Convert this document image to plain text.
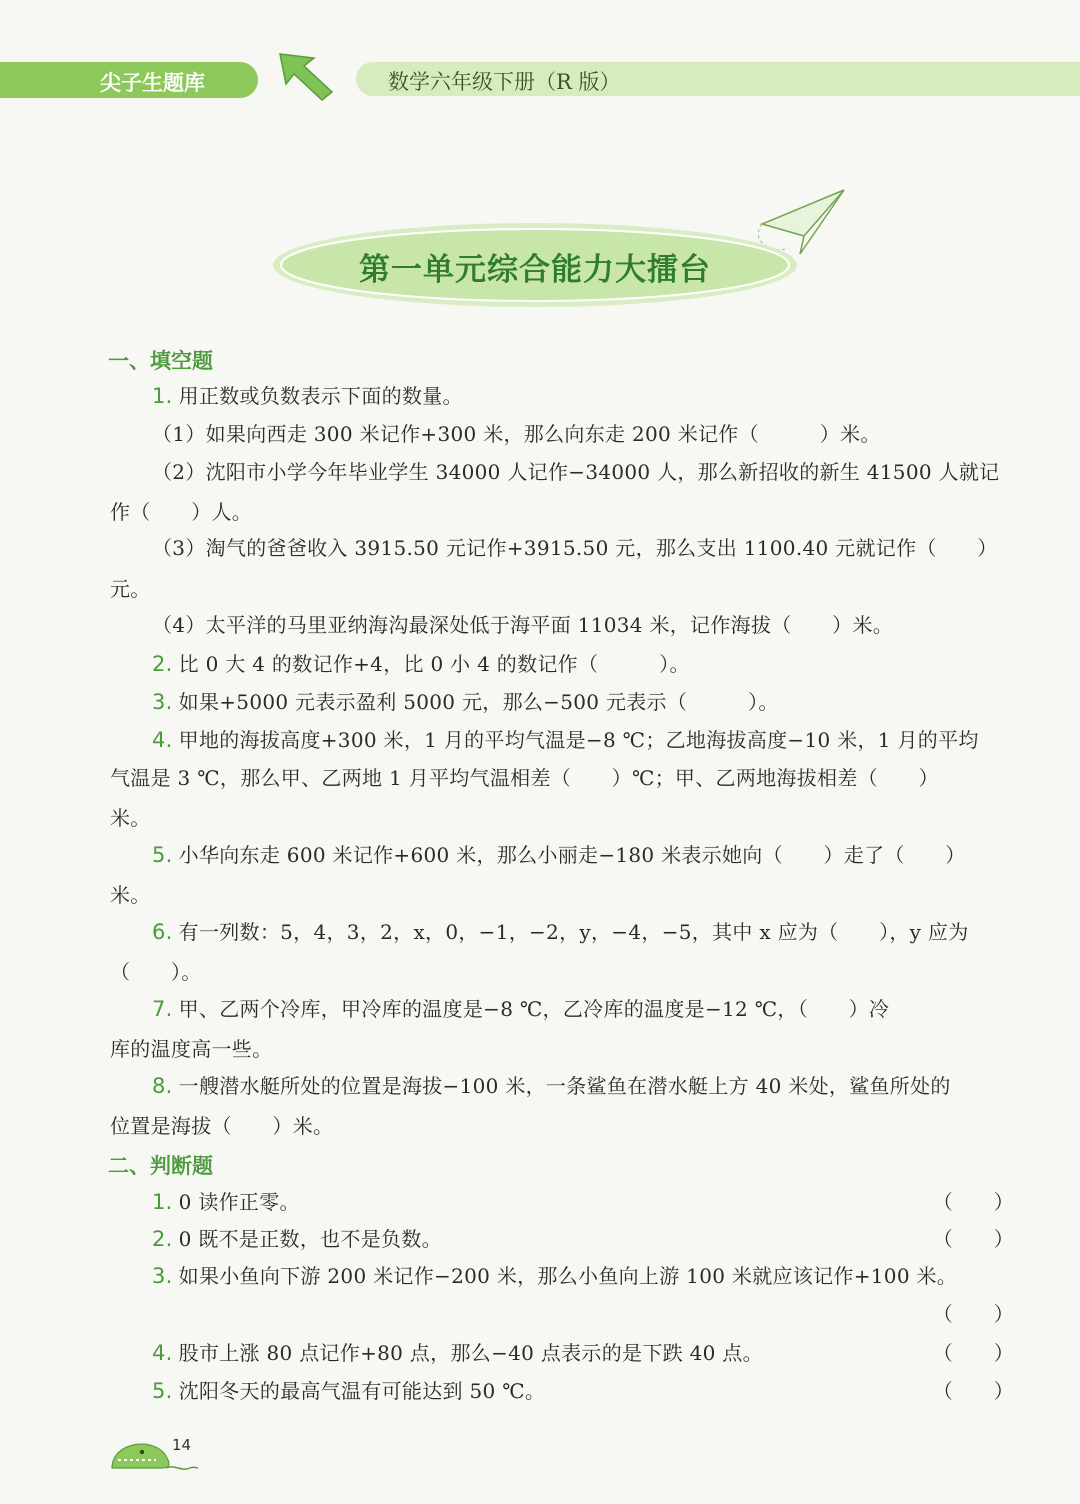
尖子生题库	数学六年级下册（R 版）
第一单元综合能力大擂台
一、填空题
1. 用正数或负数表示下面的数量。
（1）如果向西走 300 米记作+300 米，那么向东走 200 米记作（　　　）米。
（2）沈阳市小学今年毕业学生 34000 人记作−34000 人，那么新招收的新生 41500 人就记
作（　　）人。
（3）淘气的爸爸收入 3915.50 元记作+3915.50 元，那么支出 1100.40 元就记作（　　）
元。
（4）太平洋的马里亚纳海沟最深处低于海平面 11034 米，记作海拔（　　）米。
2. 比 0 大 4 的数记作+4，比 0 小 4 的数记作（　　　）。
3. 如果+5000 元表示盈利 5000 元，那么−500 元表示（　　　）。
4. 甲地的海拔高度+300 米，1 月的平均气温是−8 ℃；乙地海拔高度−10 米，1 月的平均
气温是 3 ℃，那么甲、乙两地 1 月平均气温相差（　　）℃；甲、乙两地海拔相差（　　）
米。
5. 小华向东走 600 米记作+600 米，那么小丽走−180 米表示她向（　　）走了（　　）
米。
6. 有一列数：5，4，3，2，x，0，−1，−2，y，−4，−5，其中 x 应为（　　），y 应为
（　　）。
7. 甲、乙两个冷库，甲冷库的温度是−8 ℃，乙冷库的温度是−12 ℃，（　　）冷
库的温度高一些。
8. 一艘潜水艇所处的位置是海拔−100 米，一条鲨鱼在潜水艇上方 40 米处，鲨鱼所处的
位置是海拔（　　）米。
二、判断题
1. 0 读作正零。	（　　）
2. 0 既不是正数，也不是负数。	（　　）
3. 如果小鱼向下游 200 米记作−200 米，那么小鱼向上游 100 米就应该记作+100 米。
（　　）
4. 股市上涨 80 点记作+80 点，那么−40 点表示的是下跌 40 点。	（　　）
5. 沈阳冬天的最高气温有可能达到 50 ℃。	（　　）
14
